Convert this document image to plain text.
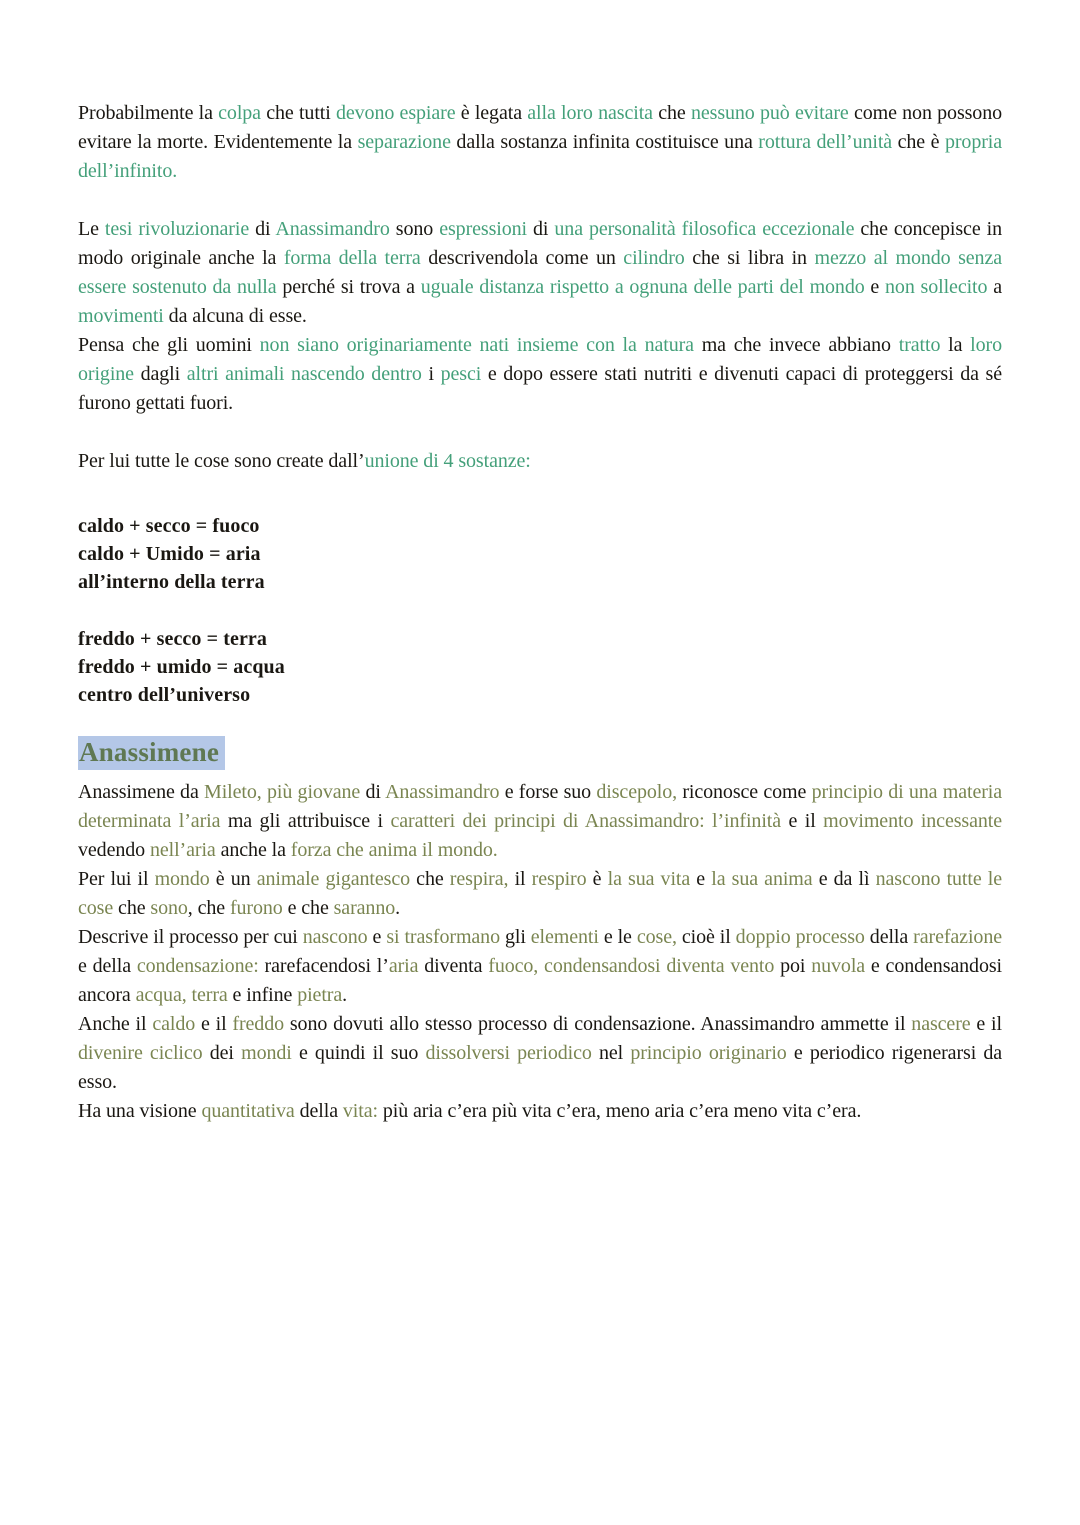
Probabilmente la colpa che tutti devono espiare è legata alla loro nascita che nessuno può evitare come non possono evitare la morte. Evidentemente la separazione dalla sostanza infinita costituisce una rottura dell’unità che è propria dell’infinito.

Le tesi rivoluzionarie di Anassimandro sono espressioni di una personalità filosofica eccezionale che concepisce in modo originale anche la forma della terra descrivendola come un cilindro che si libra in mezzo al mondo senza essere sostenuto da nulla perché si trova a uguale distanza rispetto a ognuna delle parti del mondo e non sollecito a movimenti da alcuna di esse.

Pensa che gli uomini non siano originariamente nati insieme con la natura ma che invece abbiano tratto la loro origine dagli altri animali nascendo dentro i pesci e dopo essere stati nutriti e divenuti capaci di proteggersi da sé furono gettati fuori.

Per lui tutte le cose sono create dall’unione di 4 sostanze:

caldo + secco = fuoco
caldo + Umido = aria
all’interno della terra
freddo + secco = terra
freddo + umido = acqua
centro dell’universo
Anassimene

Anassimene da Mileto, più giovane di Anassimandro e forse suo discepolo, riconosce come principio di una materia determinata l’aria ma gli attribuisce i caratteri dei principi di Anassimandro: l’infinità e il movimento incessante vedendo nell’aria anche la forza che anima il mondo.

Per lui il mondo è un animale gigantesco che respira, il respiro è la sua vita e la sua anima e da lì nascono tutte le cose che sono, che furono e che saranno.

Descrive il processo per cui nascono e si trasformano gli elementi e le cose, cioè il doppio processo della rarefazione e della condensazione: rarefacendosi l’aria diventa fuoco, condensandosi diventa vento poi nuvola e condensandosi ancora acqua, terra e infine pietra.

Anche il caldo e il freddo sono dovuti allo stesso processo di condensazione. Anassimandro ammette il nascere e il divenire ciclico dei mondi e quindi il suo dissolversi periodico nel principio originario e periodico rigenerarsi da esso.

Ha una visione quantitativa della vita: più aria c’era più vita c’era, meno aria c’era meno vita c’era.
